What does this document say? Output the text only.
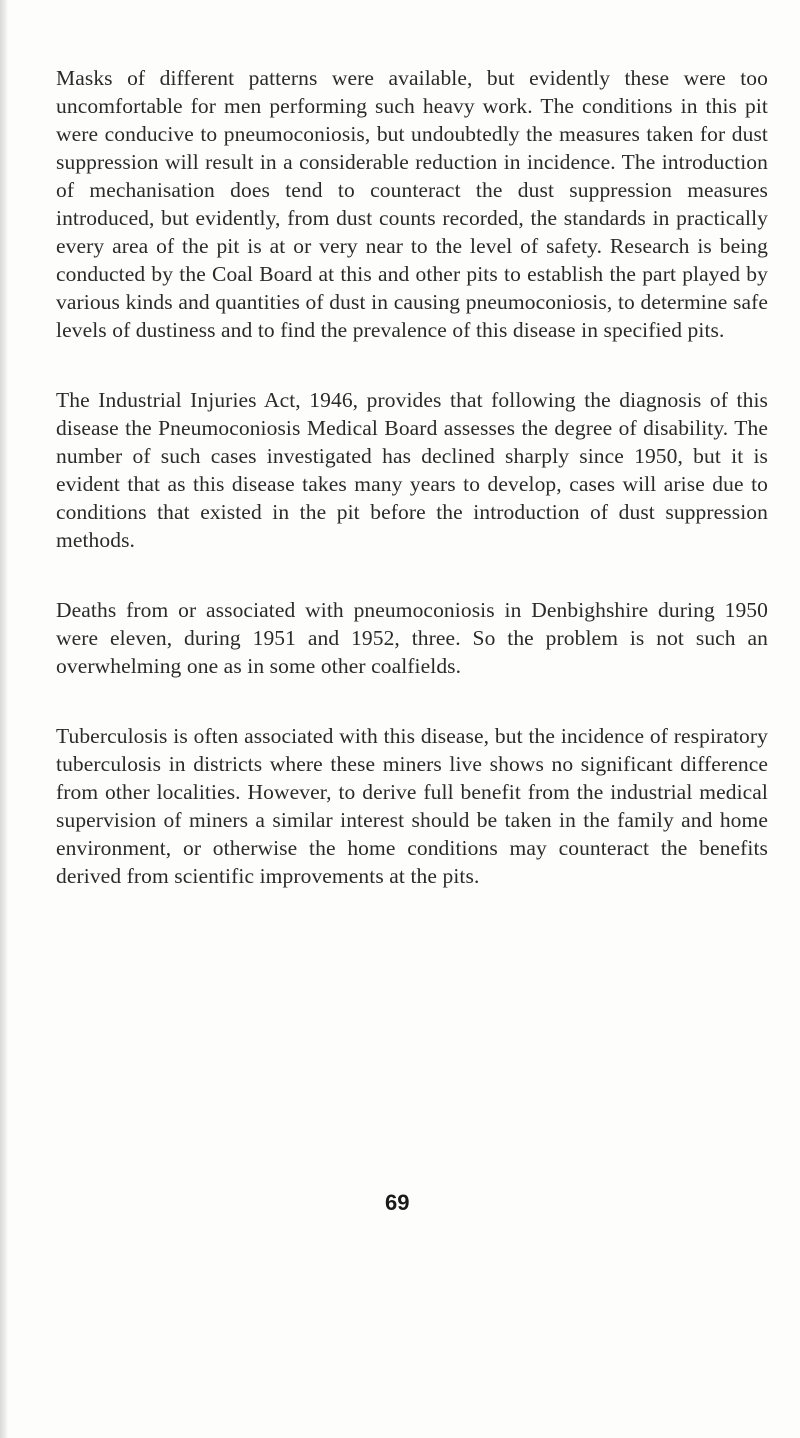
Masks of different patterns were available, but evidently these were too uncomfortable for men performing such heavy work. The conditions in this pit were conducive to pneumoconiosis, but undoubtedly the measures taken for dust suppression will result in a considerable reduction in incidence. The introduction of mechanisation does tend to counteract the dust suppression measures introduced, but evidently, from dust counts recorded, the standards in practically every area of the pit is at or very near to the level of safety. Research is being conducted by the Coal Board at this and other pits to establish the part played by various kinds and quantities of dust in causing pneumoconiosis, to determine safe levels of dustiness and to find the prevalence of this disease in specified pits.

The Industrial Injuries Act, 1946, provides that following the diagnosis of this disease the Pneumoconiosis Medical Board assesses the degree of disability. The number of such cases investigated has declined sharply since 1950, but it is evident that as this disease takes many years to develop, cases will arise due to conditions that existed in the pit before the introduction of dust suppression methods.

Deaths from or associated with pneumoconiosis in Denbighshire during 1950 were eleven, during 1951 and 1952, three. So the problem is not such an overwhelming one as in some other coalfields.

Tuberculosis is often associated with this disease, but the incidence of respiratory tuberculosis in districts where these miners live shows no significant difference from other localities. However, to derive full benefit from the industrial medical supervision of miners a similar interest should be taken in the family and home environment, or otherwise the home conditions may counteract the benefits derived from scientific improvements at the pits.

69
